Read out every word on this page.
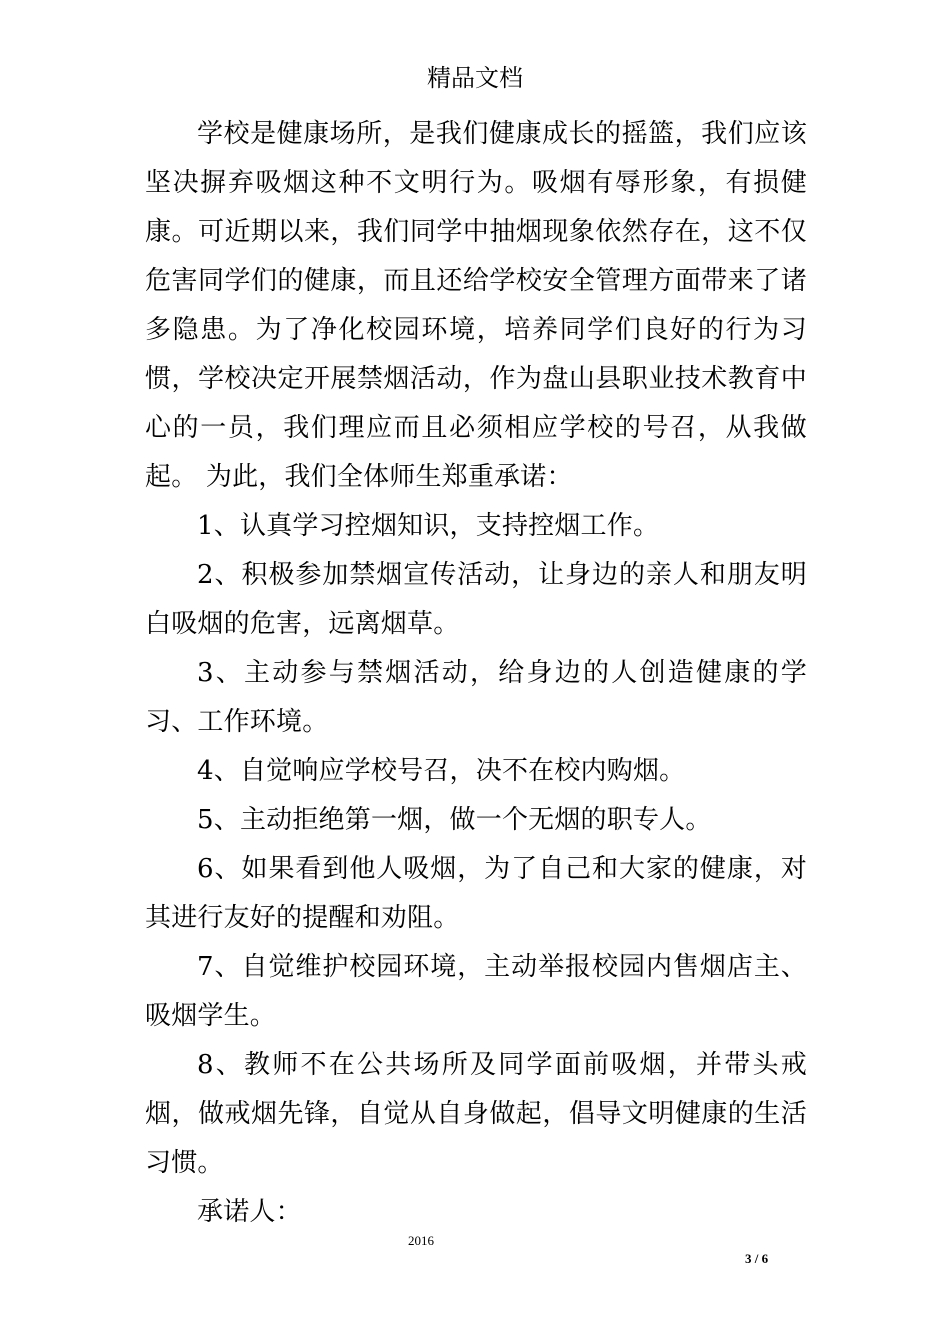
精品文档

学校是健康场所，是我们健康成长的摇篮，我们应该坚决摒弃吸烟这种不文明行为。吸烟有辱形象，有损健康。可近期以来，我们同学中抽烟现象依然存在，这不仅危害同学们的健康，而且还给学校安全管理方面带来了诸多隐患。为了净化校园环境，培养同学们良好的行为习惯，学校决定开展禁烟活动，作为盘山县职业技术教育中心的一员，我们理应而且必须相应学校的号召，从我做起。 为此，我们全体师生郑重承诺：

1、认真学习控烟知识，支持控烟工作。

2、积极参加禁烟宣传活动，让身边的亲人和朋友明白吸烟的危害，远离烟草。

3、主动参与禁烟活动，给身边的人创造健康的学习、工作环境。

4、自觉响应学校号召，决不在校内购烟。

5、主动拒绝第一烟，做一个无烟的职专人。

6、如果看到他人吸烟，为了自己和大家的健康，对其进行友好的提醒和劝阻。

7、自觉维护校园环境，主动举报校园内售烟店主、吸烟学生。

8、教师不在公共场所及同学面前吸烟，并带头戒烟，做戒烟先锋，自觉从自身做起，倡导文明健康的生活习惯。

承诺人：

2016
3 / 6
